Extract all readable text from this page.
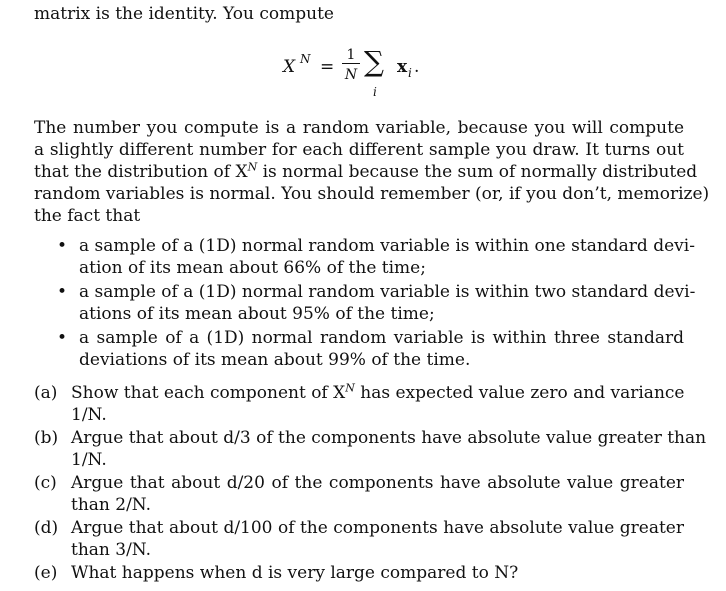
matrix is the identity. You compute
X N =
1
N ∑
i
x i .
The number you compute is a random variable, because you will compute
a slightly different number for each different sample you draw. It turns out
that the distribution of $X^N$ is normal because the sum of normally distributed
random variables is normal. You should remember (or, if you don’t, memorize)
the fact that
• a sample of a (1D) normal random variable is within one standard devi-
ation of its mean about 66% of the time;
• a sample of a (1D) normal random variable is within two standard devi-
ations of its mean about 95% of the time;
• a sample of a (1D) normal random variable is within three standard
deviations of its mean about 99% of the time.
(a) Show that each component of $X^N$ has expected value zero and variance
1/N.
(b) Argue that about d/3 of the components have absolute value greater than
1/N.
(c) Argue that about d/20 of the components have absolute value greater
than 2/N.
(d) Argue that about d/100 of the components have absolute value greater
than 3/N.
(e) What happens when d is very large compared to N?
